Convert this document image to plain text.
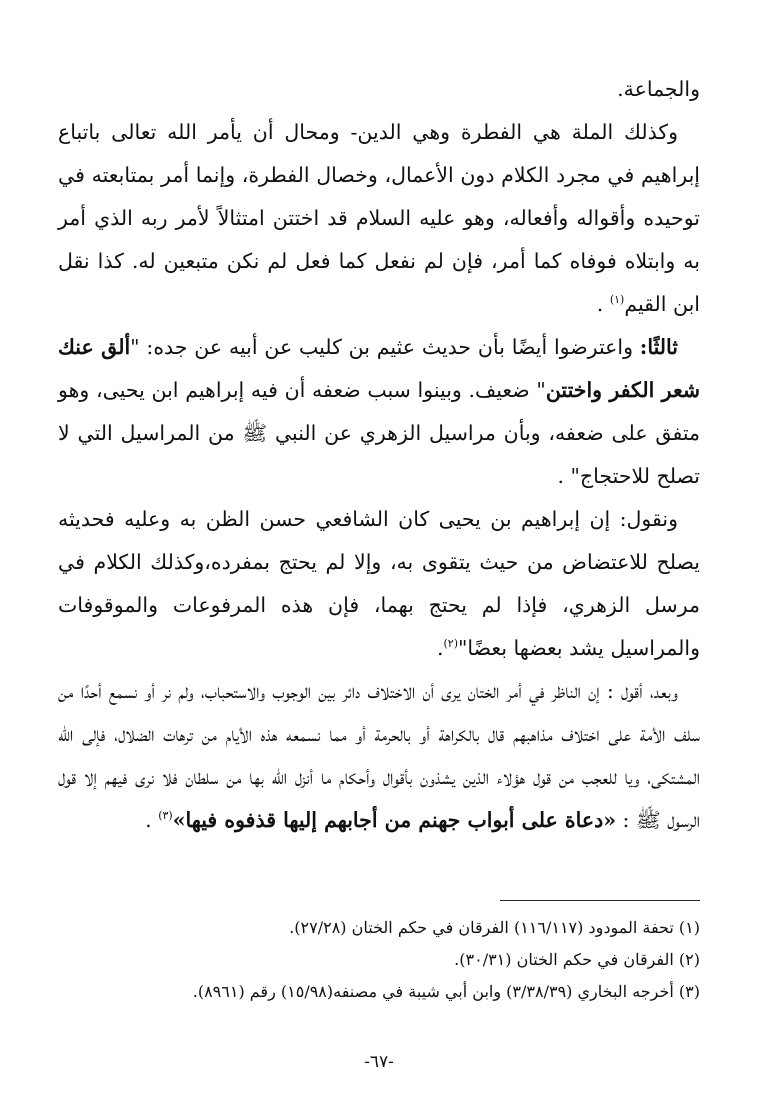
والجماعة.

وكذلك الملة هي الفطرة وهي الدين- ومحال أن يأمر الله تعالى باتباع إبراهيم في مجرد الكلام دون الأعمال، وخصال الفطرة، وإنما أمر بمتابعته في توحيده وأقواله وأفعاله، وهو عليه السلام قد اختتن امتثالاً لأمر ربه الذي أمر به وابتلاه فوفاه كما أمر، فإن لم نفعل كما فعل لم نكن متبعين له. كذا نقل ابن القيم$^{(١)}$ .

ثالثًا: واعترضوا أيضًا بأن حديث عثيم بن كليب عن أبيه عن جده: "ألق عنك شعر الكفر واختتن" ضعيف. وبينوا سبب ضعفه أن فيه إبراهيم ابن يحيى، وهو متفق على ضعفه، وبأن مراسيل الزهري عن النبي ﷺ من المراسيل التي لا تصلح للاحتجاج" .

ونقول: إن إبراهيم بن يحيى كان الشافعي حسن الظن به وعليه فحديثه يصلح للاعتضاض من حيث يتقوى به، وإلا لم يحتج بمفرده،وكذلك الكلام في مرسل الزهري، فإذا لم يحتج بهما، فإن هذه المرفوعات والموقوفات والمراسيل يشد بعضها بعضًا"$^{(٢)}$.

وبعد، أقول : إن الناظر في أمر الختان يرى أن الاختلاف دائر بين الوجوب والاستحباب، ولم نر أو نسمع أحدًا من سلف الأمة على اختلاف مذاهبهم قال بالكراهة أو بالحرمة أو مما نسمعه هذه الأيام من ترهات الضلال، فإلى الله المشتكى، ويا للعجب من قول هؤلاء الذين يشذون بأقوال وأحكام ما أنزل الله بها من سلطان فلا نرى فيهم إلا قول الرسول ﷺ : «دعاة على أبواب جهنم من أجابهم إليها قذفوه فيها»$^{(٣)}$ .

(١) تحفة المودود (١١٦/١١٧) الفرقان في حكم الختان (٢٧/٢٨).
(٢) الفرقان في حكم الختان (٣٠/٣١).
(٣) أخرجه البخاري (٣/٣٨/٣٩) وابن أبي شيبة في مصنفه(١٥/٩٨) رقم (٨٩٦١).
-٦٧-
